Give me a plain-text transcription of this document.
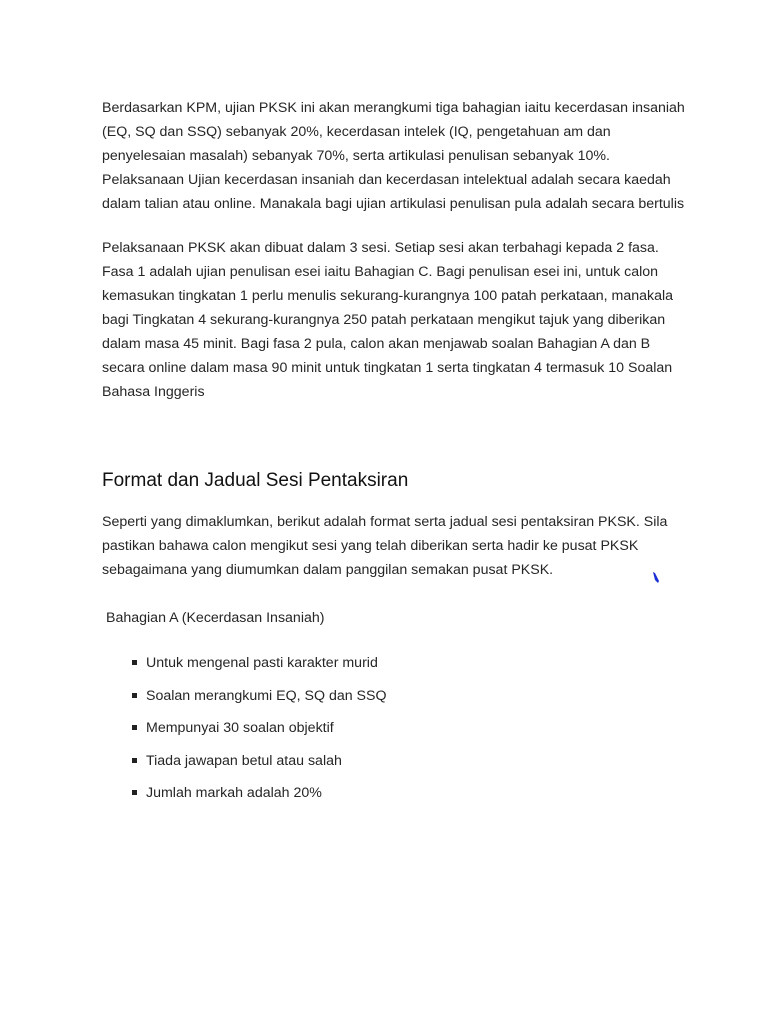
Berdasarkan KPM, ujian PKSK ini akan merangkumi tiga bahagian iaitu kecerdasan insaniah
(EQ, SQ dan SSQ) sebanyak 20%, kecerdasan intelek (IQ, pengetahuan am dan
penyelesaian masalah) sebanyak 70%, serta artikulasi penulisan sebanyak 10%.
Pelaksanaan Ujian kecerdasan insaniah dan kecerdasan intelektual adalah secara kaedah
dalam talian atau online. Manakala bagi ujian artikulasi penulisan pula adalah secara bertulis

Pelaksanaan PKSK akan dibuat dalam 3 sesi. Setiap sesi akan terbahagi kepada 2 fasa.
Fasa 1 adalah ujian penulisan esei iaitu Bahagian C. Bagi penulisan esei ini, untuk calon
kemasukan tingkatan 1 perlu menulis sekurang-kurangnya 100 patah perkataan, manakala
bagi Tingkatan 4 sekurang-kurangnya 250 patah perkataan mengikut tajuk yang diberikan
dalam masa 45 minit. Bagi fasa 2 pula, calon akan menjawab soalan Bahagian A dan B
secara online dalam masa 90 minit untuk tingkatan 1 serta tingkatan 4 termasuk 10 Soalan
Bahasa Inggeris

Format dan Jadual Sesi Pentaksiran

Seperti yang dimaklumkan, berikut adalah format serta jadual sesi pentaksiran PKSK. Sila
pastikan bahawa calon mengikut sesi yang telah diberikan serta hadir ke pusat PKSK
sebagaimana yang diumumkan dalam panggilan semakan pusat PKSK.

Bahagian A (Kecerdasan Insaniah)
Untuk mengenal pasti karakter murid
Soalan merangkumi EQ, SQ dan SSQ
Mempunyai 30 soalan objektif
Tiada jawapan betul atau salah
Jumlah markah adalah 20%
